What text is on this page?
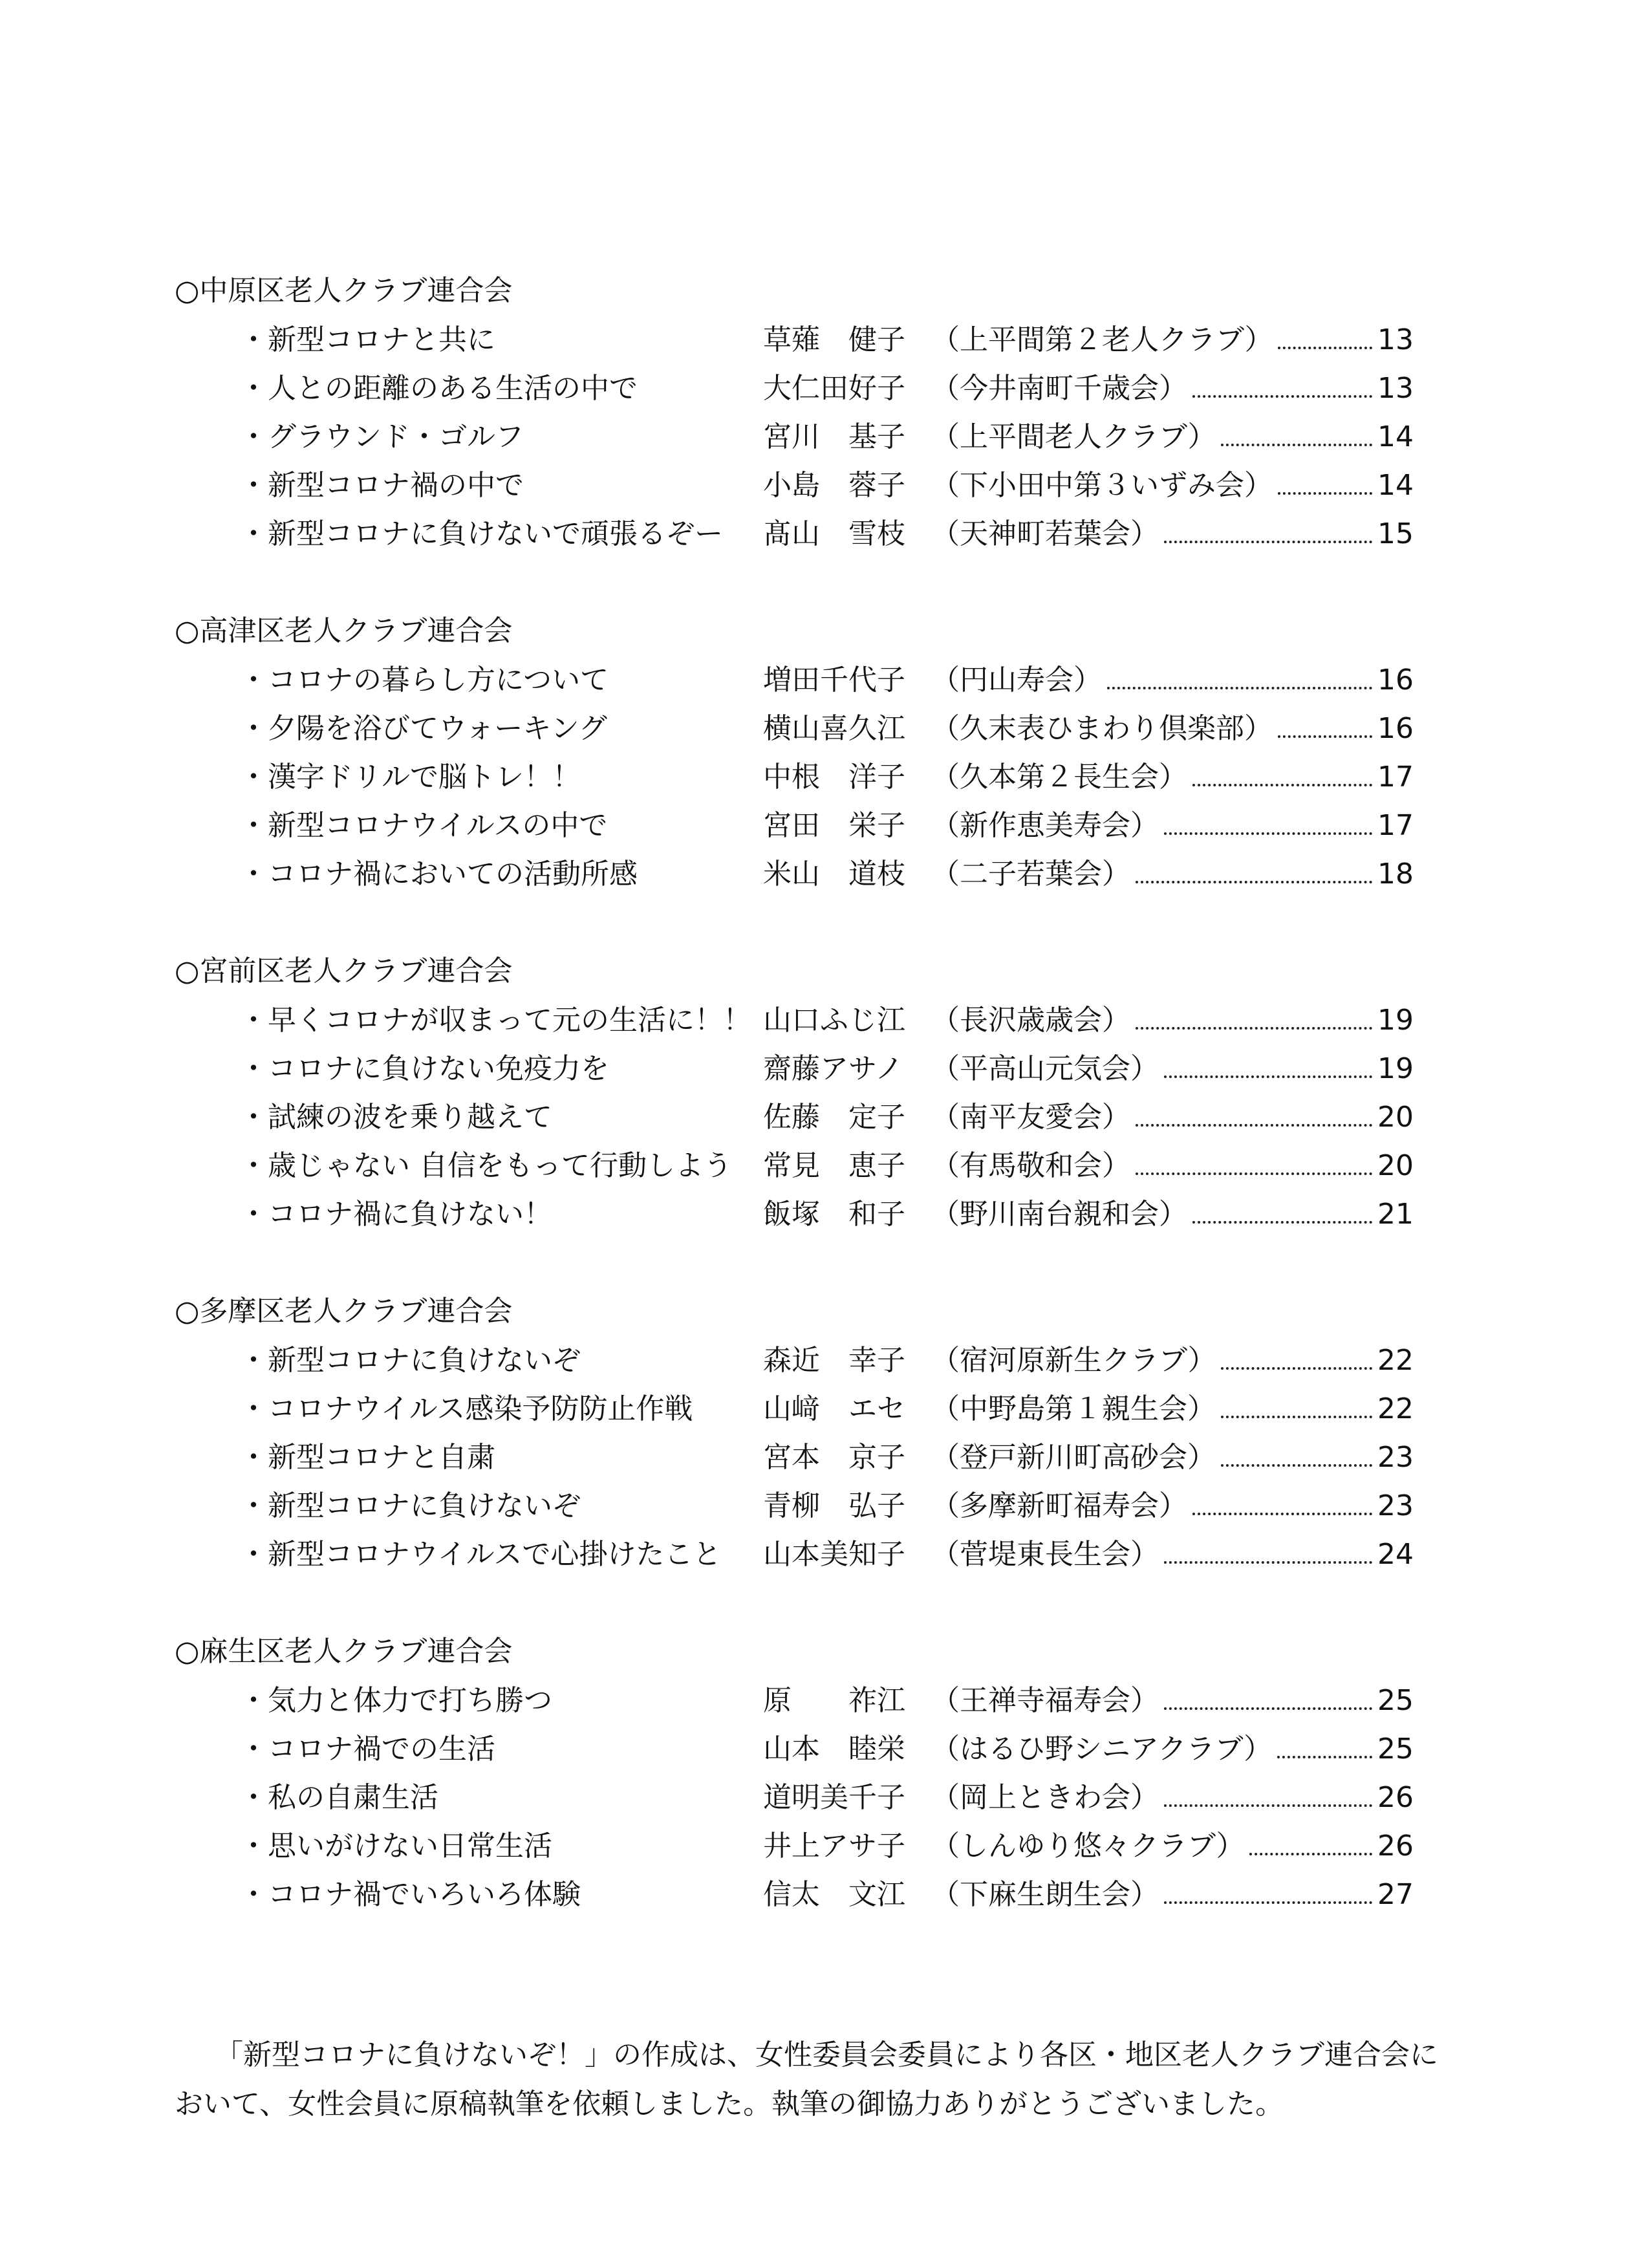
○中原区老人クラブ連合会
・新型コロナと共に	草薙　健子 （上平間第２老人クラブ）	13
・人との距離のある生活の中で	大仁田好子 （今井南町千歳会）	13
・グラウンド・ゴルフ	宮川　基子 （上平間老人クラブ）	14
・新型コロナ禍の中で	小島　蓉子 （下小田中第３いずみ会）	14
・新型コロナに負けないで頑張るぞー	髙山　雪枝 （天神町若葉会）	15
○高津区老人クラブ連合会
・コロナの暮らし方について	増田千代子 （円山寿会）	16
・夕陽を浴びてウォーキング	横山喜久江 （久末表ひまわり倶楽部）	16
・漢字ドリルで脳トレ！！	中根　洋子 （久本第２長生会）	17
・新型コロナウイルスの中で	宮田　栄子 （新作恵美寿会）	17
・コロナ禍においての活動所感	米山　道枝 （二子若葉会）	18
○宮前区老人クラブ連合会
・早くコロナが収まって元の生活に！！ 山口ふじ江 （長沢歳歳会）	19
・コロナに負けない免疫力を	齋藤アサノ （平高山元気会）	19
・試練の波を乗り越えて	佐藤　定子 （南平友愛会）	20
・歳じゃない 自信をもって行動しよう	常見　恵子 （有馬敬和会）	20
・コロナ禍に負けない！	飯塚　和子 （野川南台親和会）	21
○多摩区老人クラブ連合会
・新型コロナに負けないぞ	森近　幸子 （宿河原新生クラブ）	22
・コロナウイルス感染予防防止作戦	山﨑　エセ （中野島第１親生会）	22
・新型コロナと自粛	宮本　京子 （登戸新川町高砂会）	23
・新型コロナに負けないぞ	青柳　弘子 （多摩新町福寿会）	23
・新型コロナウイルスで心掛けたこと	山本美知子 （菅堤東長生会）	24
○麻生区老人クラブ連合会
・気力と体力で打ち勝つ	原　　祚江 （王禅寺福寿会）	25
・コロナ禍での生活	山本　睦栄 （はるひ野シニアクラブ）	25
・私の自粛生活	道明美千子 （岡上ときわ会）	26
・思いがけない日常生活	井上アサ子 （しんゆり悠々クラブ）	26
・コロナ禍でいろいろ体験	信太　文江 （下麻生朗生会）	27

「新型コロナに負けないぞ！」の作成は、女性委員会委員により各区・地区老人クラブ連合会において、女性会員に原稿執筆を依頼しました。執筆の御協力ありがとうございました。
